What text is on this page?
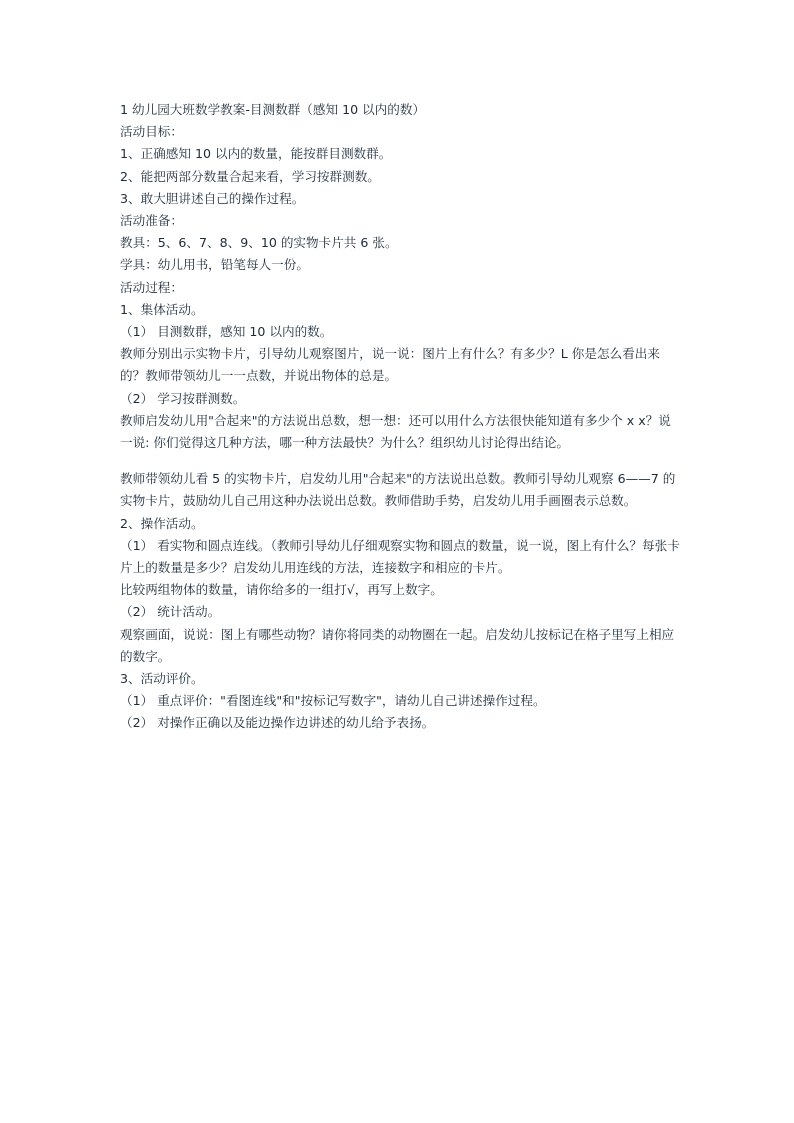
1 幼儿园大班数学教案-目测数群（感知 10 以内的数）
活动目标：
1、正确感知 10 以内的数量，能按群目测数群。
2、能把两部分数量合起来看，学习按群测数。
3、敢大胆讲述自己的操作过程。
活动准备：
教具：5、6、7、8、9、10 的实物卡片共 6 张。
学具：幼儿用书，铅笔每人一份。
活动过程：
1、集体活动。
（1） 目测数群，感知 10 以内的数。
教师分别出示实物卡片，引导幼儿观察图片，说一说：图片上有什么？有多少？L 你是怎么看出来的？教师带领幼儿一一点数，并说出物体的总是。
（2） 学习按群测数。
教师启发幼儿用"合起来"的方法说出总数，想一想：还可以用什么方法很快能知道有多少个 x x？说一说: 你们觉得这几种方法，哪一种方法最快？为什么？组织幼儿讨论得出结论。
教师带领幼儿看 5 的实物卡片，启发幼儿用"合起来"的方法说出总数。教师引导幼儿观察 6——7 的实物卡片，鼓励幼儿自己用这种办法说出总数。教师借助手势，启发幼儿用手画圈表示总数。
2、操作活动。
（1） 看实物和圆点连线。（教师引导幼儿仔细观察实物和圆点的数量，说一说，图上有什么？每张卡片上的数量是多少？启发幼儿用连线的方法，连接数字和相应的卡片。
比较两组物体的数量，请你给多的一组打√，再写上数字。
（2） 统计活动。
观察画面，说说：图上有哪些动物？请你将同类的动物圈在一起。启发幼儿按标记在格子里写上相应的数字。
3、活动评价。
（1） 重点评价："看图连线"和"按标记写数字"，请幼儿自己讲述操作过程。
（2） 对操作正确以及能边操作边讲述的幼儿给予表扬。
